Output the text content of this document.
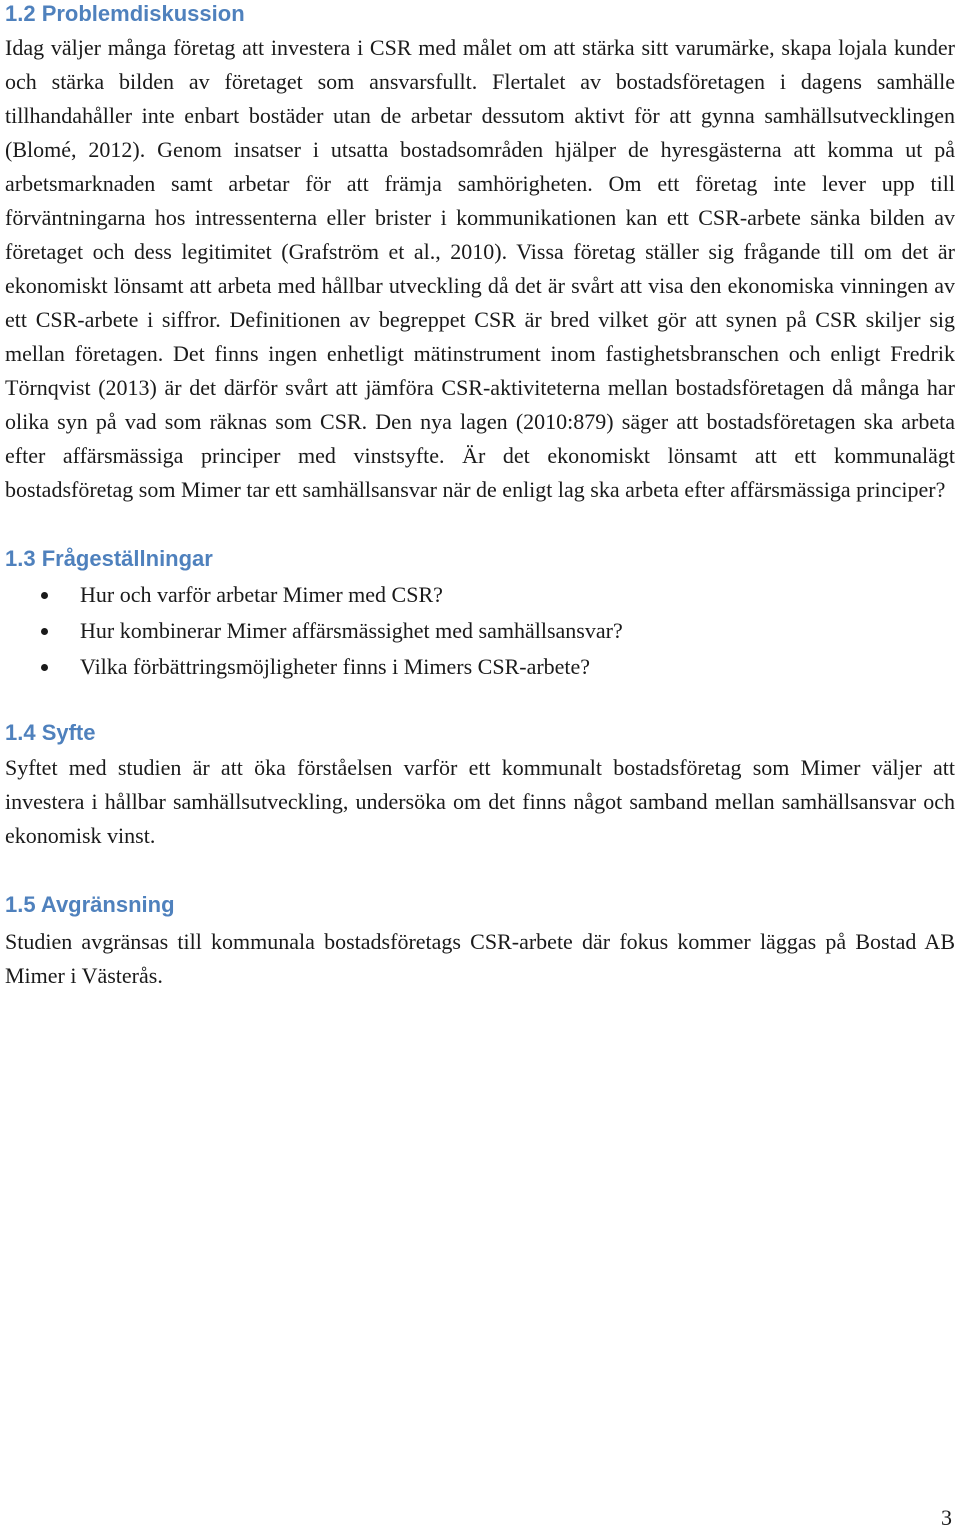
1.2 Problemdiskussion

Idag väljer många företag att investera i CSR med målet om att stärka sitt varumärke, skapa lojala kunder och stärka bilden av företaget som ansvarsfullt. Flertalet av bostadsföretagen i dagens samhälle tillhandahåller inte enbart bostäder utan de arbetar dessutom aktivt för att gynna samhällsutvecklingen (Blomé, 2012). Genom insatser i utsatta bostadsområden hjälper de hyresgästerna att komma ut på arbetsmarknaden samt arbetar för att främja samhörigheten. Om ett företag inte lever upp till förväntningarna hos intressenterna eller brister i kommunikationen kan ett CSR-arbete sänka bilden av företaget och dess legitimitet (Grafström et al., 2010). Vissa företag ställer sig frågande till om det är ekonomiskt lönsamt att arbeta med hållbar utveckling då det är svårt att visa den ekonomiska vinningen av ett CSR-arbete i siffror. Definitionen av begreppet CSR är bred vilket gör att synen på CSR skiljer sig mellan företagen. Det finns ingen enhetligt mätinstrument inom fastighetsbranschen och enligt Fredrik Törnqvist (2013) är det därför svårt att jämföra CSR-aktiviteterna mellan bostadsföretagen då många har olika syn på vad som räknas som CSR. Den nya lagen (2010:879) säger att bostadsföretagen ska arbeta efter affärsmässiga principer med vinstsyfte. Är det ekonomiskt lönsamt att ett kommunalägt bostadsföretag som Mimer tar ett samhällsansvar när de enligt lag ska arbeta efter affärsmässiga principer?

1.3 Frågeställningar
Hur och varför arbetar Mimer med CSR?
Hur kombinerar Mimer affärsmässighet med samhällsansvar?
Vilka förbättringsmöjligheter finns i Mimers CSR-arbete?
1.4 Syfte

Syftet med studien är att öka förståelsen varför ett kommunalt bostadsföretag som Mimer väljer att investera i hållbar samhällsutveckling, undersöka om det finns något samband mellan samhällsansvar och ekonomisk vinst.

1.5 Avgränsning

Studien avgränsas till kommunala bostadsföretags CSR-arbete där fokus kommer läggas på Bostad AB Mimer i Västerås.

3
